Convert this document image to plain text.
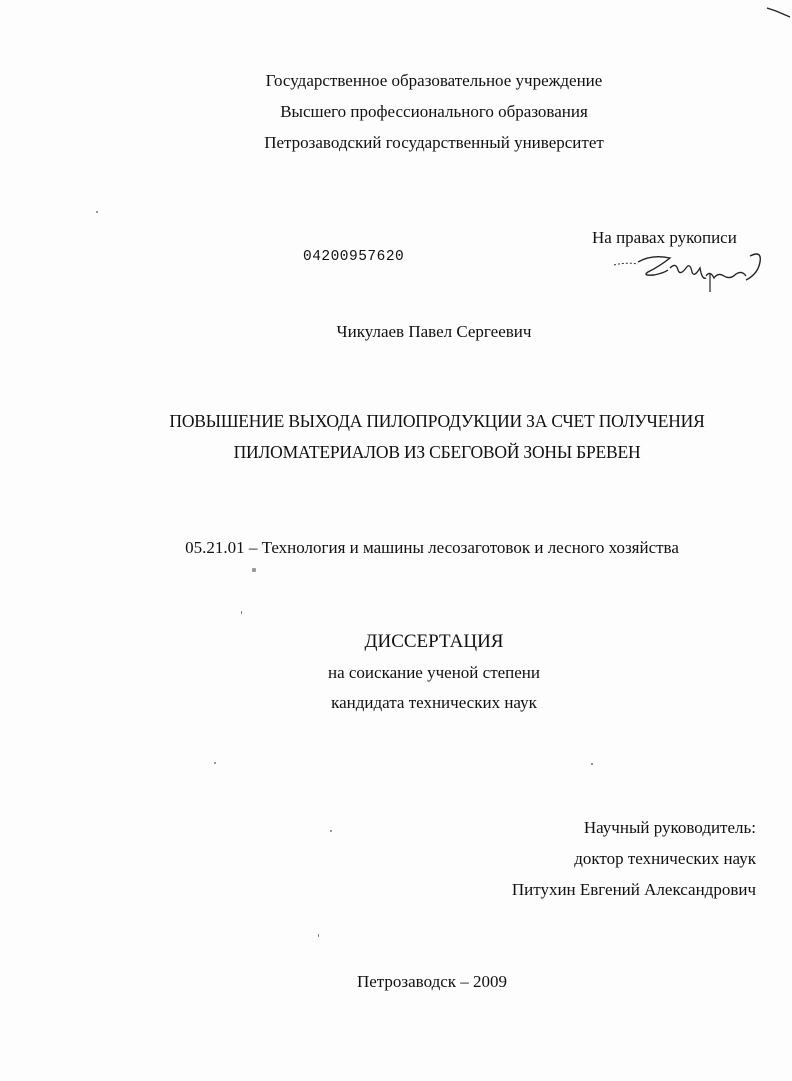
Государственное образовательное учреждение
Высшего профессионального образования
Петрозаводский государственный университет
На правах рукописи
04200957620
Чикулаев Павел Сергеевич
ПОВЫШЕНИЕ ВЫХОДА ПИЛОПРОДУКЦИИ ЗА СЧЕТ ПОЛУЧЕНИЯ
ПИЛОМАТЕРИАЛОВ ИЗ СБЕГОВОЙ ЗОНЫ БРЕВЕН
05.21.01 – Технология и машины лесозаготовок и лесного хозяйства
ДИССЕРТАЦИЯ
на соискание ученой степени
кандидата технических наук
Научный руководитель:
доктор технических наук
Питухин Евгений Александрович
Петрозаводск – 2009
